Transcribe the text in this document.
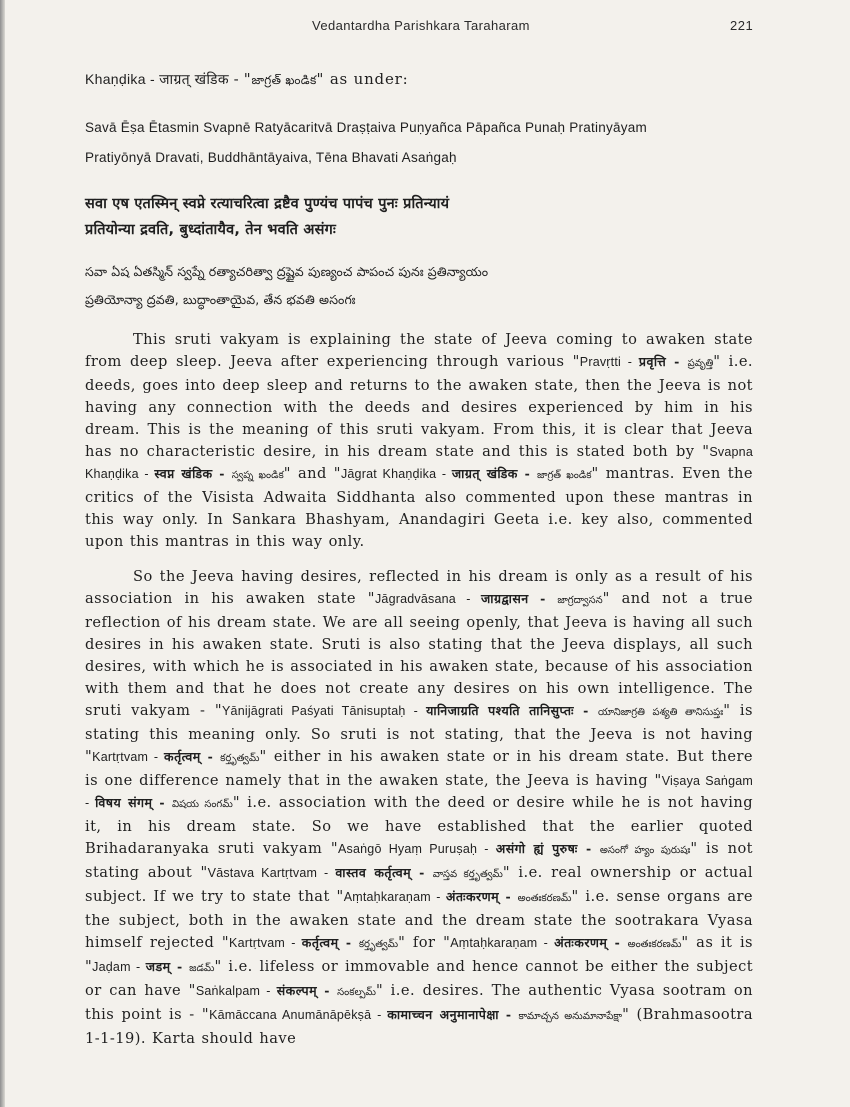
Vedantardha Parishkara Taraharam	221
Khaṇḍika - जाग्रत् खंडिक - "జాగ్రత్ ఖండిక" as under:
Savā Ēṣa Ētasmin Svapnē Ratyācaritvā Draṣṭaiva Puṇyañca Pāpañca Punaḥ Pratinyāyam
Pratiyōnyā Dravati, Buddhāntāyaiva, Tēna Bhavati Asaṅgaḥ
सवा एष एतस्मिन् स्वप्ने रत्याचरित्वा द्रष्टैव पुण्यंच पापंच पुनः प्रतिन्यायं
प्रतियोन्या द्रवति, बुध्दांतायैव, तेन भवति असंगः
సవా ఏష ఏతస్మిన్ స్వప్నే రత్యాచరిత్వా ద్రష్టైవ పుణ్యంచ పాపంచ పునః ప్రతిన్యాయం
ప్రతియోన్యా ద్రవతి, బుద్ధాంతాయైవ, తేన భవతి అసంగః

This sruti vakyam is explaining the state of Jeeva coming to awaken state from deep sleep. Jeeva after experiencing through various "Pravṛtti - प्रवृत्ति - ప్రవృత్తి" i.e. deeds, goes into deep sleep and returns to the awaken state, then the Jeeva is not having any connection with the deeds and desires experienced by him in his dream. This is the meaning of this sruti vakyam. From this, it is clear that Jeeva has no characteristic desire, in his dream state and this is stated both by "Svapna Khaṇḍika - स्वप्न खंडिक - స్వప్న ఖండిక" and "Jāgrat Khaṇḍika - जाग्रत् खंडिक - జాగ్రత్ ఖండిక" mantras. Even the critics of the Visista Adwaita Siddhanta also commented upon these mantras in this way only. In Sankara Bhashyam, Anandagiri Geeta i.e. key also, commented upon this mantras in this way only.

So the Jeeva having desires, reflected in his dream is only as a result of his association in his awaken state "Jāgradvāsana - जाग्रद्वासन - జాగ్రద్వాసన" and not a true reflection of his dream state. We are all seeing openly, that Jeeva is having all such desires in his awaken state. Sruti is also stating that the Jeeva displays, all such desires, with which he is associated in his awaken state, because of his association with them and that he does not create any desires on his own intelligence. The sruti vakyam - "Yānijāgrati Paśyati Tānisuptaḥ - यानिजाग्रति पश्यति तानिसुप्तः - యానిజాగ్రతి పశ్యతి తానిసుప్తః" is stating this meaning only. So sruti is not stating, that the Jeeva is not having "Kartṛtvam - कर्तृत्वम् - కర్తృత్వమ్" either in his awaken state or in his dream state. But there is one difference namely that in the awaken state, the Jeeva is having "Viṣaya Saṅgam - विषय संगम् - విషయ సంగమ్" i.e. association with the deed or desire while he is not having it, in his dream state. So we have established that the earlier quoted Brihadaranyaka sruti vakyam "Asaṅgō Hyaṃ Puruṣaḥ - असंगो ह्यं पुरुषः - అసంగో హ్యం పురుషః" is not stating about "Vāstava Kartṛtvam - वास्तव कर्तृत्वम् - వాస్తవ కర్తృత్వమ్" i.e. real ownership or actual subject. If we try to state that "Aṃtaḥkaraṇam - अंतःकरणम् - అంతఃకరణమ్" i.e. sense organs are the subject, both in the awaken state and the dream state the sootrakara Vyasa himself rejected "Kartṛtvam - कर्तृत्वम् - కర్తృత్వమ్" for "Aṃtaḥkaraṇam - अंतःकरणम् - అంతఃకరణమ్" as it is "Jaḍam - जडम् - జడమ్" i.e. lifeless or immovable and hence cannot be either the subject or can have "Saṅkalpam - संकल्पम् - సంకల్పమ్" i.e. desires. The authentic Vyasa sootram on this point is - "Kāmāccana Anumānāpēkṣā - कामाच्चन अनुमानापेक्षा - కామాచ్చన అనుమానాపేక్షా" (Brahmasootra 1-1-19). Karta should have
